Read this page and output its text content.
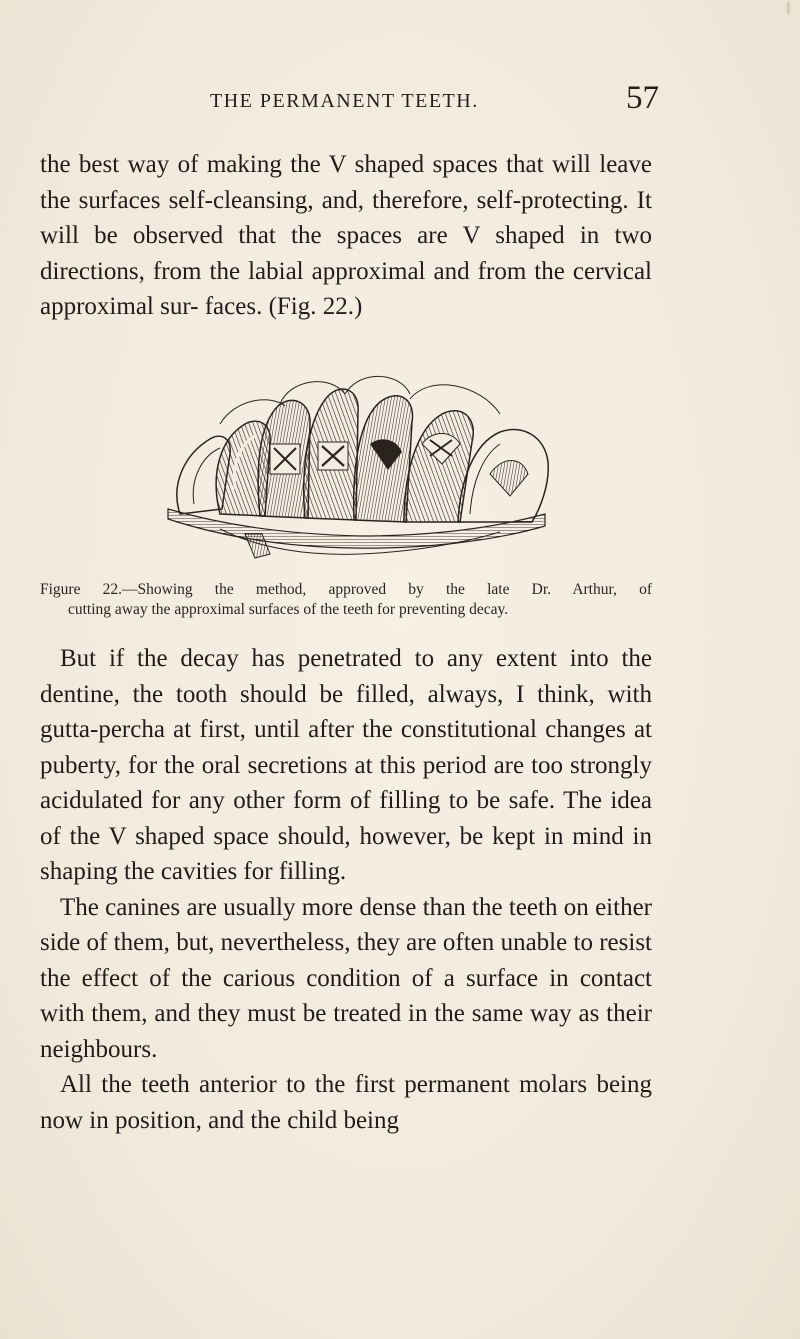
THE PERMANENT TEETH.	57

the best way of making the V shaped spaces that will leave the surfaces self-cleansing, and, therefore, self-protecting. It will be observed that the spaces are V shaped in two directions, from the labial approximal and from the cervical approximal sur- faces. (Fig. 22.)

Figure 22.—Showing the method, approved by the late Dr. Arthur, of
cutting away the approximal surfaces of the teeth for preventing decay.

But if the decay has penetrated to any extent into the dentine, the tooth should be filled, always, I think, with gutta-percha at first, until after the constitutional changes at puberty, for the oral secretions at this period are too strongly acidulated for any other form of filling to be safe. The idea of the V shaped space should, however, be kept in mind in shaping the cavities for filling.

The canines are usually more dense than the teeth on either side of them, but, nevertheless, they are often unable to resist the effect of the carious condition of a surface in contact with them, and they must be treated in the same way as their neighbours.

All the teeth anterior to the first permanent molars being now in position, and the child being
